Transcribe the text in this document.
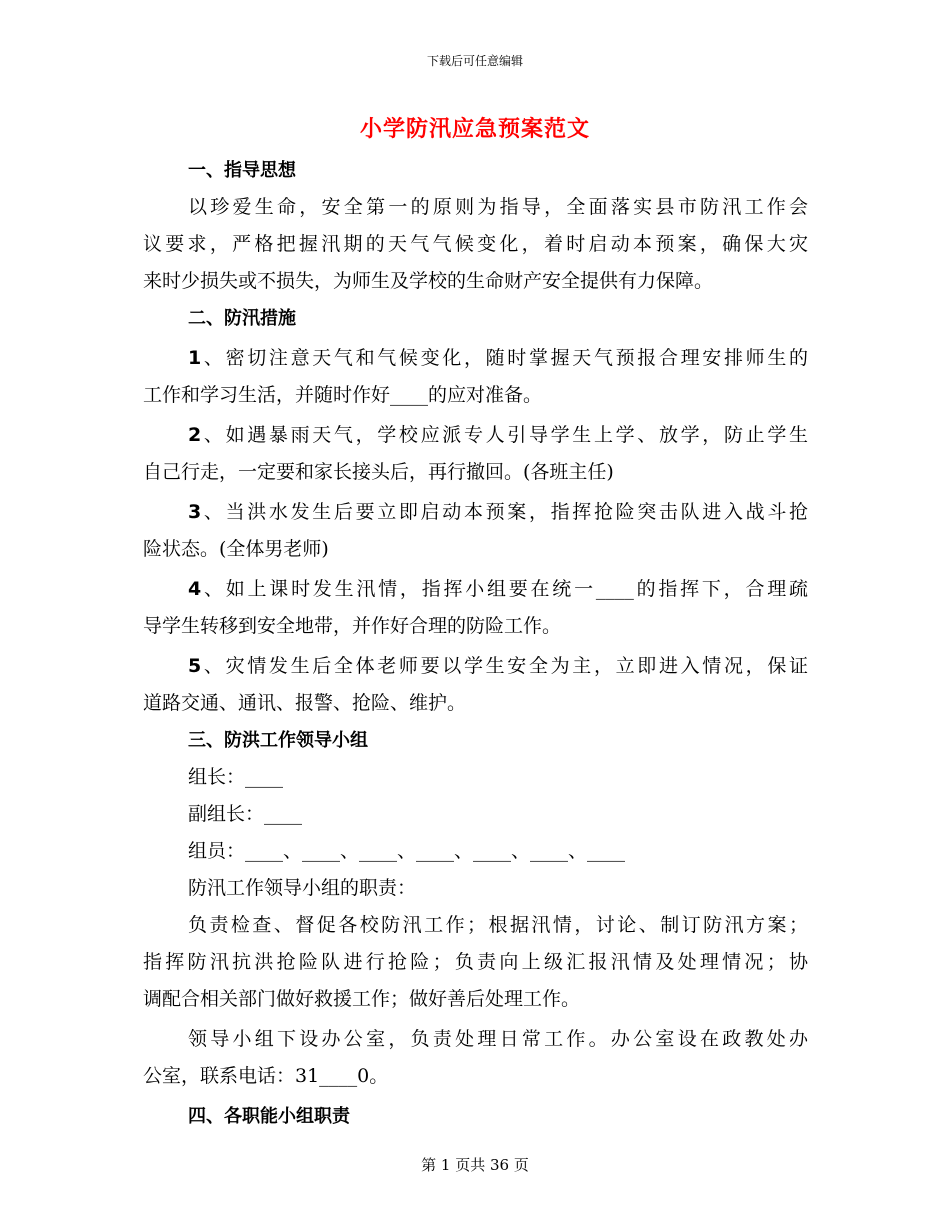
下载后可任意编辑
小学防汛应急预案范文
一、指导思想
以珍爱生命，安全第一的原则为指导，全面落实县市防汛工作会
议要求，严格把握汛期的天气气候变化，着时启动本预案，确保大灾
来时少损失或不损失，为师生及学校的生命财产安全提供有力保障。
二、防汛措施
1、密切注意天气和气候变化，随时掌握天气预报合理安排师生的
工作和学习生活，并随时作好____的应对准备。
2、如遇暴雨天气，学校应派专人引导学生上学、放学，防止学生
自己行走，一定要和家长接头后，再行撤回。(各班主任)
3、当洪水发生后要立即启动本预案，指挥抢险突击队进入战斗抢
险状态。(全体男老师)
4、如上课时发生汛情，指挥小组要在统一____的指挥下，合理疏
导学生转移到安全地带，并作好合理的防险工作。
5、灾情发生后全体老师要以学生安全为主，立即进入情况，保证
道路交通、通讯、报警、抢险、维护。
三、防洪工作领导小组
组长：____
副组长：____
组员：____、____、____、____、____、____、____
防汛工作领导小组的职责：
负责检查、督促各校防汛工作；根据汛情，讨论、制订防汛方案；
指挥防汛抗洪抢险队进行抢险；负责向上级汇报汛情及处理情况；协
调配合相关部门做好救援工作；做好善后处理工作。
领导小组下设办公室，负责处理日常工作。办公室设在政教处办
公室，联系电话：31____0。
四、各职能小组职责
第 1 页共 36 页
